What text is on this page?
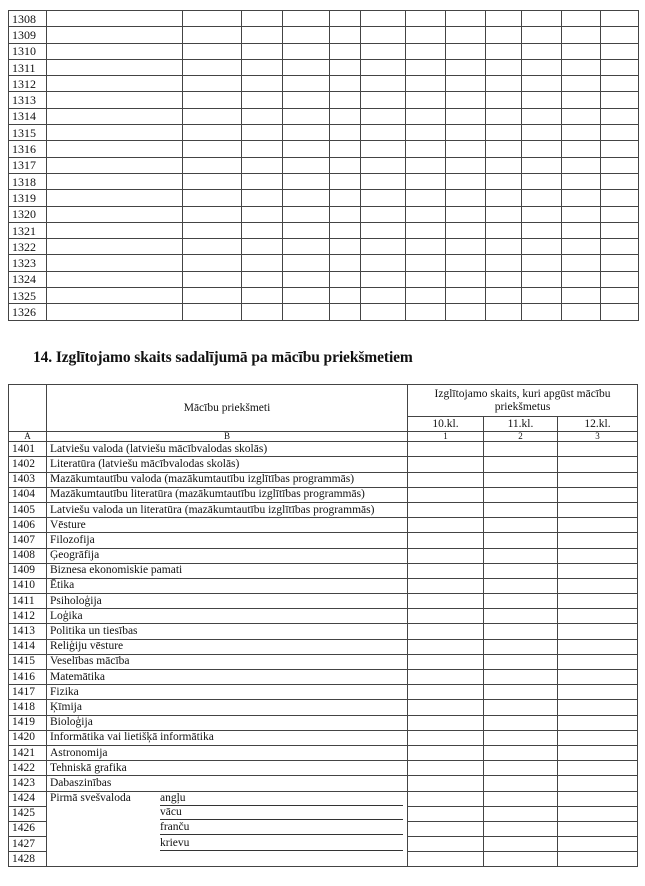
1308												
1309												
1310												
1311												
1312												
1313												
1314												
1315												
1316												
1317												
1318												
1319												
1320												
1321												
1322												
1323												
1324												
1325												
1326												
14. Izglītojamo skaits sadalījumā pa mācību priekšmetiem
	Mācību priekšmeti	Izglītojamo skaits, kuri apgūst mācību priekšmetus		
		10.kl.	11.kl.	12.kl.
A	B	1	2	3
1401	Latviešu valoda (latviešu mācībvalodas skolās)			
1402	Literatūra (latviešu mācībvalodas skolās)			
1403	Mazākumtautību valoda (mazākumtautību izglītības programmās)			
1404	Mazākumtautību literatūra (mazākumtautību izglītības programmās)			
1405	Latviešu valoda un literatūra (mazākumtautību izglītības programmās)			
1406	Vēsture			
1407	Filozofija			
1408	Ģeogrāfija			
1409	Biznesa ekonomiskie pamati			
1410	Ētika			
1411	Psiholoģija			
1412	Loģika			
1413	Politika un tiesības			
1414	Reliģiju vēsture			
1415	Veselības mācība			
1416	Matemātika			
1417	Fizika			
1418	Ķīmija			
1419	Bioloģija			
1420	Informātika vai lietišķā informātika			
1421	Astronomija			
1422	Tehniskā grafika			
1423	Dabaszinības			
1424	Pirmā svešvaloda angļu			

1425	vācu			

1426	franču			

1427	krievu			

1428				
